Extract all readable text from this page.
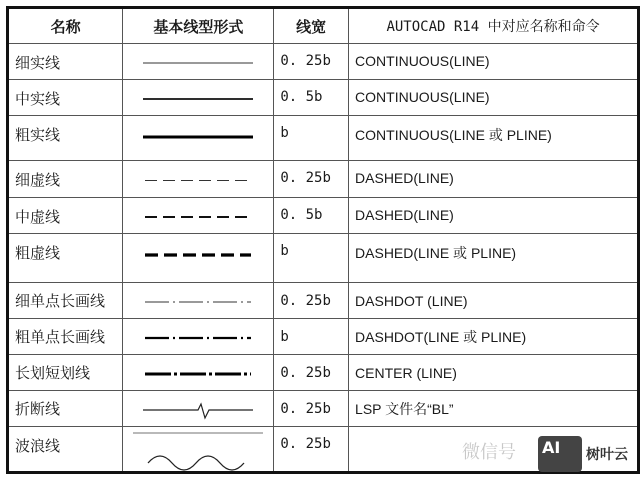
名称	基本线型形式	线宽	AUTOCAD R14 中对应名称和命令
细实线		0. 25b	CONTINUOUS(LINE)
中实线		0. 5b	CONTINUOUS(LINE)
粗实线		b	CONTINUOUS(LINE 或 PLINE)
细虚线		0. 25b	DASHED(LINE)
中虚线		0. 5b	DASHED(LINE)
粗虚线		b	DASHED(LINE 或 PLINE)
细单点长画线		0. 25b	DASHDOT (LINE)
粗单点长画线		b	DASHDOT(LINE 或 PLINE)
长划短划线		0. 25b	CENTER (LINE)
折断线		0. 25b	LSP 文件名“BL”
波浪线		0. 25b		微信号 AI	树叶云
